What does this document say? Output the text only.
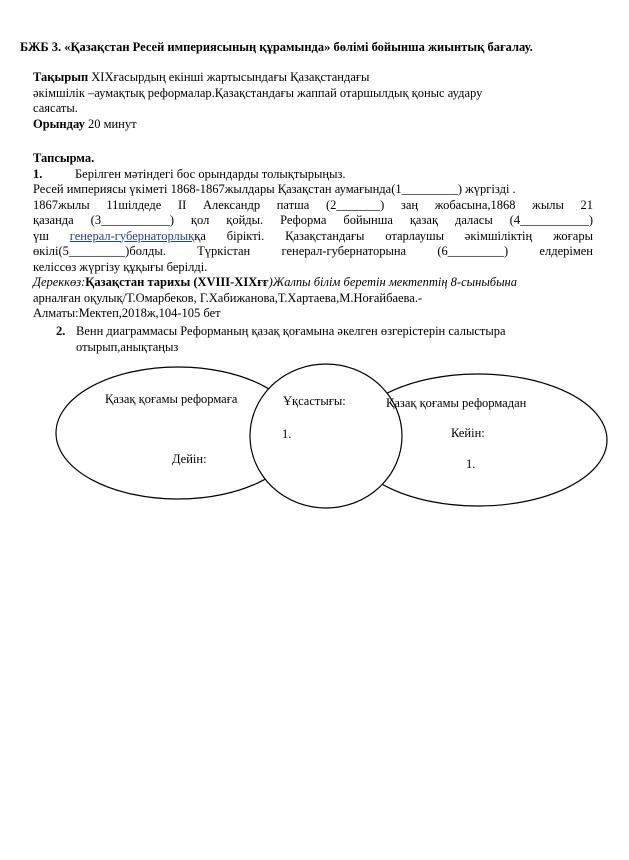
БЖБ 3. «Қазақстан Ресей империясының құрамында» бөлімі бойынша жиынтық бағалау.
Тақырып XIXғасырдың екінші жартысындағы Қазақстандағы
әкімшілік –аумақтық реформалар.Қазақстандағы жаппай отаршылдық қоныс аудару
саясаты.
Орындау 20 минут
Тапсырма.
1.	Берілген мәтіндегі бос орындарды толықтырыңыз.
Ресей империясы үкіметі 1868-1867жылдары Қазақстан аумағында(1_________) жүргізді .
1867жылы 11шілдеде II Александр патша (2_______) заң жобасына,1868 жылы 21
қазанда (3___________) қол қойды. Реформа бойынша қазақ даласы (4___________)
үш генерал-губернаторлыққа бірікті. Қазақстандағы отарлаушы әкімшіліктің жоғары
өкілі(5_________)болды. Түркістан генерал-губернаторына (6_________) елдерімен
келіссөз жүргізу құқығы берілді.
Дереккөз:Қазақстан тарихы (XVIII-XIXғғ)Жалпы білім беретін мектептің 8-сыныбына
арналған оқулық/Т.Омарбеков, Г.Хабижанова,Т.Хартаева,М.Ноғайбаева.-
Алматы:Мектеп,2018ж,104-105 бет
2. Венн диаграммасы Реформаның қазақ қоғамына әкелген өзгерістерін салыстыра
отырып,анықтаңыз
Қазақ қоғамы реформаға
Дейін:
Ұқсастығы:
1.
Қазақ қоғамы реформадан
Кейін:
1.
